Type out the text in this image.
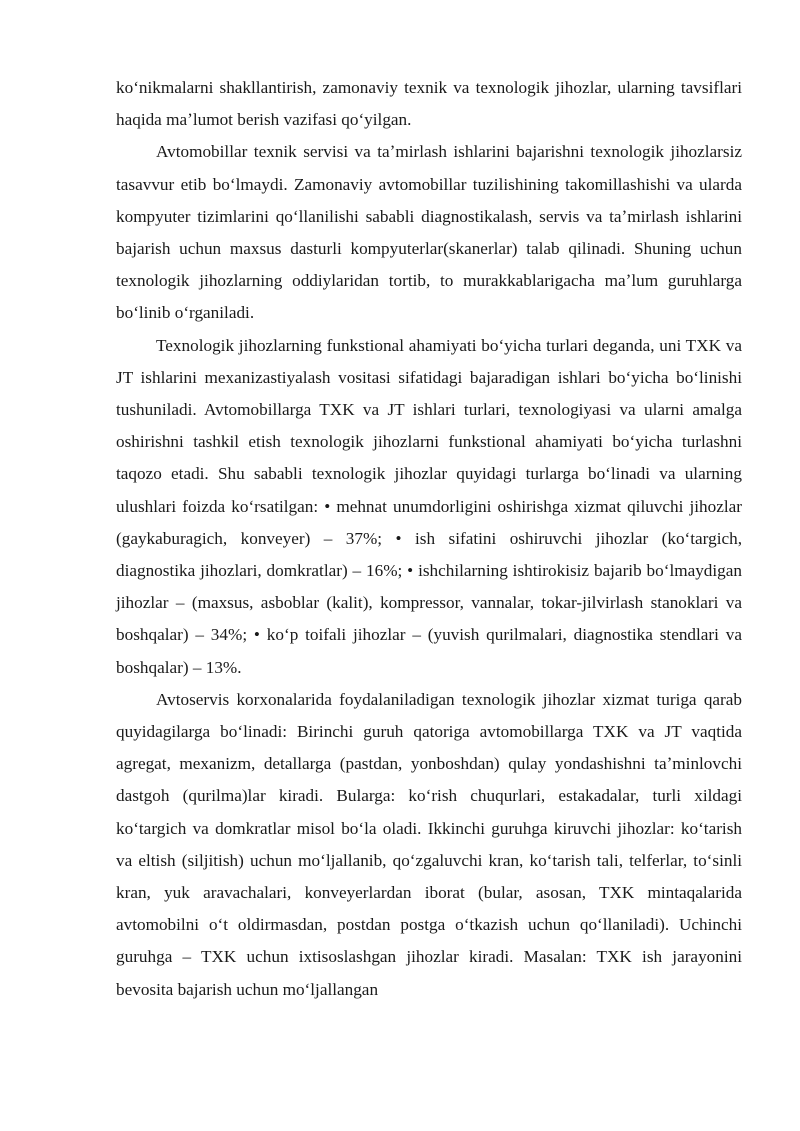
koʻnikmalarni shakllantirish, zamonaviy texnik va texnologik jihozlar, ularning tavsiflari haqida maʼlumot berish vazifasi qoʻyilgan.

Avtomobillar texnik servisi va taʼmirlash ishlarini bajarishni texnologik jihozlarsiz tasavvur etib boʻlmaydi. Zamonaviy avtomobillar tuzilishining takomillashishi va ularda kompyuter tizimlarini qoʻllanilishi sababli diagnostikalash, servis va taʼmirlash ishlarini bajarish uchun maxsus dasturli kompyuterlar(skanerlar) talab qilinadi. Shuning uchun texnologik jihozlarning oddiylaridan tortib, to murakkablarigacha maʼlum guruhlarga boʻlinib oʻrganiladi.

Texnologik jihozlarning funkstional ahamiyati boʻyicha turlari deganda, uni TXK va JT ishlarini mexanizastiyalash vositasi sifatidagi bajaradigan ishlari boʻyicha boʻlinishi tushuniladi. Avtomobillarga TXK va JT ishlari turlari, texnologiyasi va ularni amalga oshirishni tashkil etish texnologik jihozlarni funkstional ahamiyati boʻyicha turlashni taqozo etadi. Shu sababli texnologik jihozlar quyidagi turlarga boʻlinadi va ularning ulushlari foizda koʻrsatilgan: • mehnat unumdorligini oshirishga xizmat qiluvchi jihozlar (gaykaburagich, konveyer) – 37%; • ish sifatini oshiruvchi jihozlar (koʻtargich, diagnostika jihozlari, domkratlar) – 16%; • ishchilarning ishtirokisiz bajarib boʻlmaydigan jihozlar – (maxsus, asboblar (kalit), kompressor, vannalar, tokar-jilvirlash stanoklari va boshqalar) – 34%; • koʻp toifali jihozlar – (yuvish qurilmalari, diagnostika stendlari va boshqalar) – 13%.

Avtoservis korxonalarida foydalaniladigan texnologik jihozlar xizmat turiga qarab quyidagilarga boʻlinadi: Birinchi guruh qatoriga avtomobillarga TXK va JT vaqtida agregat, mexanizm, detallarga (pastdan, yonboshdan) qulay yondashishni taʼminlovchi dastgoh (qurilma)lar kiradi. Bularga: koʻrish chuqurlari, estakadalar, turli xildagi koʻtargich va domkratlar misol boʻla oladi. Ikkinchi guruhga kiruvchi jihozlar: koʻtarish va eltish (siljitish) uchun moʻljallanib, qoʻzgaluvchi kran, koʻtarish tali, telferlar, toʻsinli kran, yuk aravachalari, konveyerlardan iborat (bular, asosan, TXK mintaqalarida avtomobilni oʻt oldirmasdan, postdan postga oʻtkazish uchun qoʻllaniladi). Uchinchi guruhga – TXK uchun ixtisoslashgan jihozlar kiradi. Masalan: TXK ish jarayonini bevosita bajarish uchun moʻljallangan
